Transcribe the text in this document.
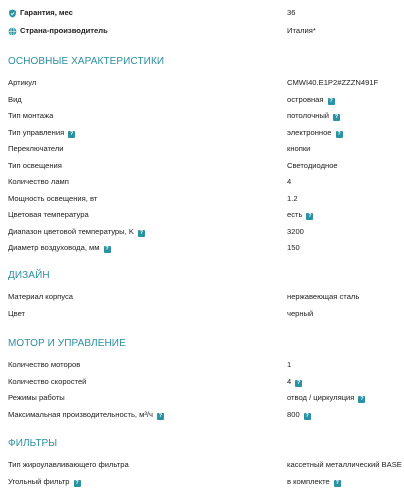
Гарантия, мес	36
Страна-производитель	Италия*
ОСНОВНЫЕ ХАРАКТЕРИСТИКИ
Артикул	CMWI40.E1P2#ZZZN491F
Вид	островная ?
Тип монтажа	потолочный ?
Тип управления ?	электронное ?
Переключатели	кнопки
Тип освещения	Светодиодное
Количество ламп	4
Мощность освещения, вт	1.2
Цветовая температура	есть ?
Диапазон цветовой температуры, K ?	3200
Диаметр воздуховода, мм ?	150
ДИЗАЙН
Материал корпуса	нержавеющая сталь
Цвет	черный
МОТОР И УПРАВЛЕНИЕ
Количество моторов	1
Количество скоростей	4 ?
Режимы работы	отвод / циркуляция ?
Максимальная производительность, м³/ч ?	800 ?
ФИЛЬТРЫ
Тип жироулавливающего фильтра	кассетный металлический BASE
Угольный фильтр ?	в комплекте ?
